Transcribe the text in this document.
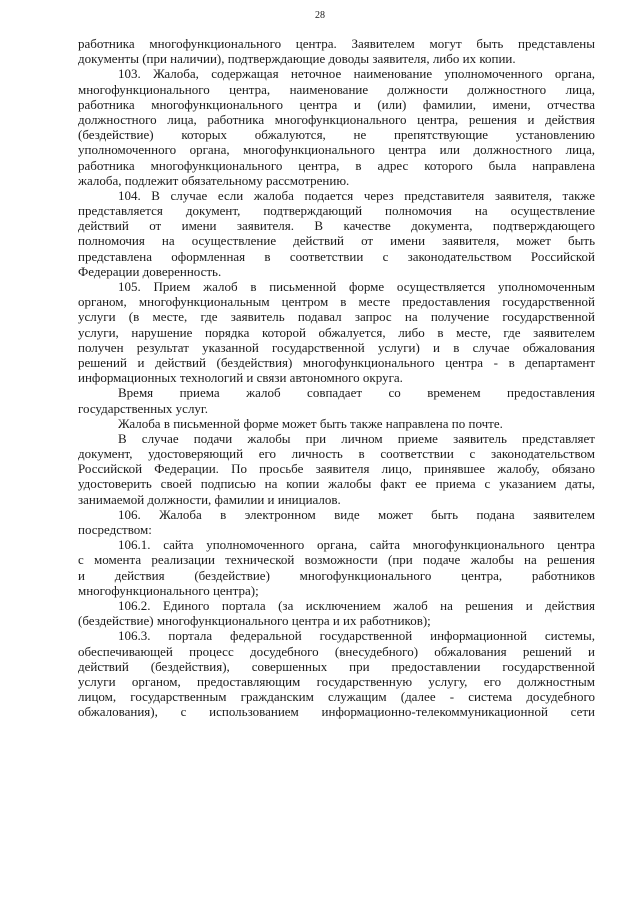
28
работника многофункционального центра. Заявителем могут быть представлены
документы (при наличии), подтверждающие доводы заявителя, либо их копии.
103. Жалоба, содержащая неточное наименование уполномоченного органа,
многофункционального центра, наименование должности должностного лица,
работника многофункционального центра и (или) фамилии, имени, отчества
должностного лица, работника многофункционального центра, решения и действия
(бездействие) которых обжалуются, не препятствующие установлению
уполномоченного органа, многофункционального центра или должностного лица,
работника многофункционального центра, в адрес которого была направлена
жалоба, подлежит обязательному рассмотрению.
104. В случае если жалоба подается через представителя заявителя, также
представляется документ, подтверждающий полномочия на осуществление
действий от имени заявителя. В качестве документа, подтверждающего
полномочия на осуществление действий от имени заявителя, может быть
представлена оформленная в соответствии с законодательством Российской
Федерации доверенность.
105. Прием жалоб в письменной форме осуществляется уполномоченным
органом, многофункциональным центром в месте предоставления государственной
услуги (в месте, где заявитель подавал запрос на получение государственной
услуги, нарушение порядка которой обжалуется, либо в месте, где заявителем
получен результат указанной государственной услуги) и в случае обжалования
решений и действий (бездействия) многофункционального центра - в департамент
информационных технологий и связи автономного округа.
Время приема жалоб совпадает со временем предоставления
государственных услуг.
Жалоба в письменной форме может быть также направлена по почте.
В случае подачи жалобы при личном приеме заявитель представляет
документ, удостоверяющий его личность в соответствии с законодательством
Российской Федерации. По просьбе заявителя лицо, принявшее жалобу, обязано
удостоверить своей подписью на копии жалобы факт ее приема с указанием даты,
занимаемой должности, фамилии и инициалов.
106. Жалоба в электронном виде может быть подана заявителем
посредством:
106.1. сайта уполномоченного органа, сайта многофункционального центра
с момента реализации технической возможности (при подаче жалобы на решения
и действия (бездействие) многофункционального центра, работников
многофункционального центра);
106.2. Единого портала (за исключением жалоб на решения и действия
(бездействие) многофункционального центра и их работников);
106.3. портала федеральной государственной информационной системы,
обеспечивающей процесс досудебного (внесудебного) обжалования решений и
действий (бездействия), совершенных при предоставлении государственной
услуги органом, предоставляющим государственную услугу, его должностным
лицом, государственным гражданским служащим (далее - система досудебного
обжалования), с использованием информационно-телекоммуникационной сети
